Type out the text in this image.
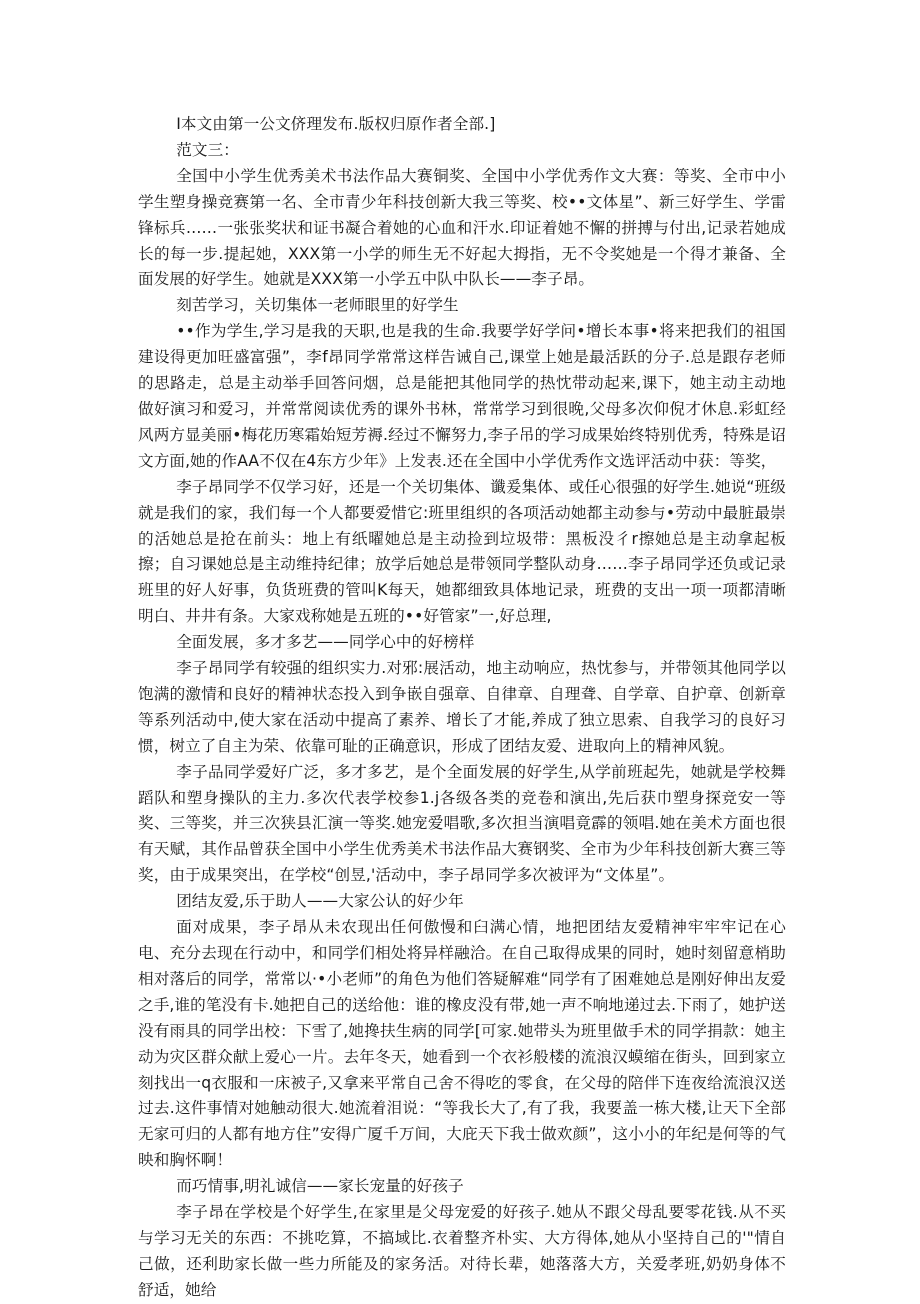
I本文由第一公文侪理发布.版权归原作者全部.]

范文三：

全国中小学生优秀美术书法作品大赛铜奖、全国中小学优秀作文大赛：等奖、全市中小学生塑身操竞赛第一名、全市青少年科技创新大我三等奖、校••文体星”、新三好学生、学雷锋标兵……一张张奖状和证书凝合着她的心血和汗水.印证着她不懈的拼搏与付出,记录若她成长的每一步.提起她，XXX第一小学的师生无不好起大拇指，无不令奖她是一个得才兼备、全面发展的好学生。她就是XXX第一小学五中队中队长——李子昂。

刻苦学习，关切集体一老师眼里的好学生

••作为学生,学习是我的天职,也是我的生命.我要学好学问•增长本事•将来把我们的祖国建设得更加旺盛富强”，李f昂同学常常这样告诫自己,课堂上她是最活跃的分子.总是跟存老师的思路走，总是主动举手回答问烟，总是能把其他同学的热忱带动起来,课下，她主动主动地做好演习和爱习，并常常阅读优秀的课外书林，常常学习到很晚,父母多次仰倪才休息.彩虹经风两方显美丽•梅花历寒霜始短芳褥.经过不懈努力,李子吊的学习成果始终特别优秀，特殊是诏文方面,她的作AA不仅在4东方少年》上发表.还在全国中小学优秀作文选评活动中获：等奖，

李子昂同学不仅学习好，还是一个关切集体、谶爰集体、或任心很强的好学生.她说“班级就是我们的家，我们每一个人都要爱惜它:班里组织的各项活动她都主动参与•劳动中最脏最崇的活她总是抢在前头：地上有纸曜她总是主动捡到垃圾带：黑板没彳r擦她总是主动拿起板擦；自习课她总是主动维持纪律；放学后她总是带领同学整队动身……李子昂同学还负或记录班里的好人好事，负货班费的管叫K每天，她都细致具体地记录，班费的支出一项一项都清晰明白、井井有条。大家戏称她是五班的••好管家”一,好总理,

全面发展，多才多艺——同学心中的好榜样

李子昂同学有较强的组织实力.对邪:展活动，地主动响应，热忱参与，并带领其他同学以饱满的激情和良好的精神状态投入到争嵌自强章、自律章、自理聋、自学章、自护章、创新章等系列活动中,使大家在活动中提高了素养、增长了才能,养成了独立思索、自我学习的良好习惯，树立了自主为荣、依靠可耻的正确意识，形成了团结友爱、进取向上的精神风貌。

李子品同学爱好广泛，多才多艺，是个全面发展的好学生,从学前班起先，她就是学校舞蹈队和塑身操队的主力.多次代表学校参1.j各级各类的竞卷和演出,先后获巾塑身探竞安一等奖、三等奖，并三次狭县汇演一等奖.她宠爱唱歌,多次担当演唱竟霹的领唱.她在美术方面也很有天赋，其作品曾获全国中小学生优秀美术书法作品大赛钢奖、全市为少年科技创新大赛三等奖，由于成果突出，在学校“创昱,'活动中，李子昂同学多次被评为“文体星”。

团结友爱,乐于助人——大家公认的好少年

面对成果，李子昂从未农现出任何傲慢和臼满心情，地把团结友爱精神牢牢牢记在心电、充分去现在行动中，和同学们相处将异样融洽。在自己取得成果的同时，她时刻留意梢助相对落后的同学，常常以·•小老师”的角色为他们答疑解难“同学有了困难她总是刚好伸出友爱之手,谁的笔没有卡.她把自己的送给他：谁的橡皮没有带,她一声不响地递过去.下雨了，她护送没有雨具的同学出校：下雪了,她搀扶生病的同学[可家.她带头为班里做手术的同学捐款：她主动为灾区群众献上爱心一片。去年冬天，她看到一个衣衫般楼的流浪汉蟆缩在街头，回到家立刻找出一q衣服和一床被子,又拿来平常自己舍不得吃的零食，在父母的陪伴下连夜给流浪汉送过去.这件事情对她触动很大.她流着泪说：“等我长大了,有了我，我要盖一栋大楼,让天下全部无家可归的人都有地方住”安得广厦千万间，大庇天下我士做欢颜”，这小小的年纪是何等的气映和胸怀啊！

而巧情事,明礼诚信——家长宠量的好孩子

李子昂在学校是个好学生,在家里是父母宠爱的好孩子.她从不跟父母乱要零花钱.从不买与学习无关的东西：不挑吃算，不搞域比.衣着整齐朴实、大方得体,她从小坚持自己的'"情自己做，还利助家长做一些力所能及的家务活。对待长辈，她落落大方，关爱孝班,奶奶身体不舒适，她给
